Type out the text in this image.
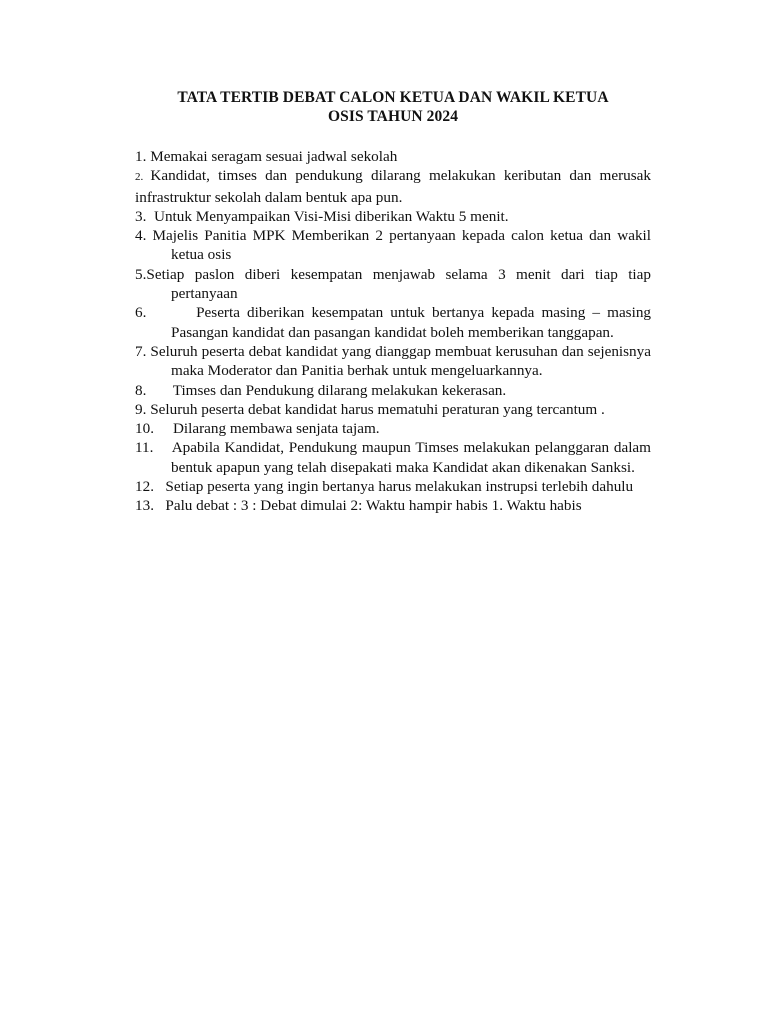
TATA TERTIB DEBAT CALON KETUA DAN WAKIL KETUA
OSIS TAHUN 2024
1. Memakai seragam sesuai jadwal sekolah
2. Kandidat, timses dan pendukung dilarang melakukan keributan dan merusak infrastruktur sekolah dalam bentuk apa pun.
3.  Untuk Menyampaikan Visi-Misi diberikan Waktu 5 menit.
4. Majelis Panitia MPK Memberikan 2 pertanyaan kepada calon ketua dan wakil ketua osis
5.Setiap paslon diberi kesempatan menjawab selama 3 menit dari tiap tiap pertanyaan
6.       Peserta diberikan kesempatan untuk bertanya kepada masing – masing Pasangan kandidat dan pasangan kandidat boleh memberikan tanggapan.
7. Seluruh peserta debat kandidat yang dianggap membuat kerusuhan dan sejenisnya maka Moderator dan Panitia berhak untuk mengeluarkannya.
8.       Timses dan Pendukung dilarang melakukan kekerasan.
9. Seluruh peserta debat kandidat harus mematuhi peraturan yang tercantum .
10.     Dilarang membawa senjata tajam.
11.    Apabila Kandidat, Pendukung maupun Timses melakukan pelanggaran dalam bentuk apapun yang telah disepakati maka Kandidat akan dikenakan Sanksi.
12.   Setiap peserta yang ingin bertanya harus melakukan instrupsi terlebih dahulu
13.   Palu debat : 3 : Debat dimulai 2: Waktu hampir habis 1. Waktu habis
